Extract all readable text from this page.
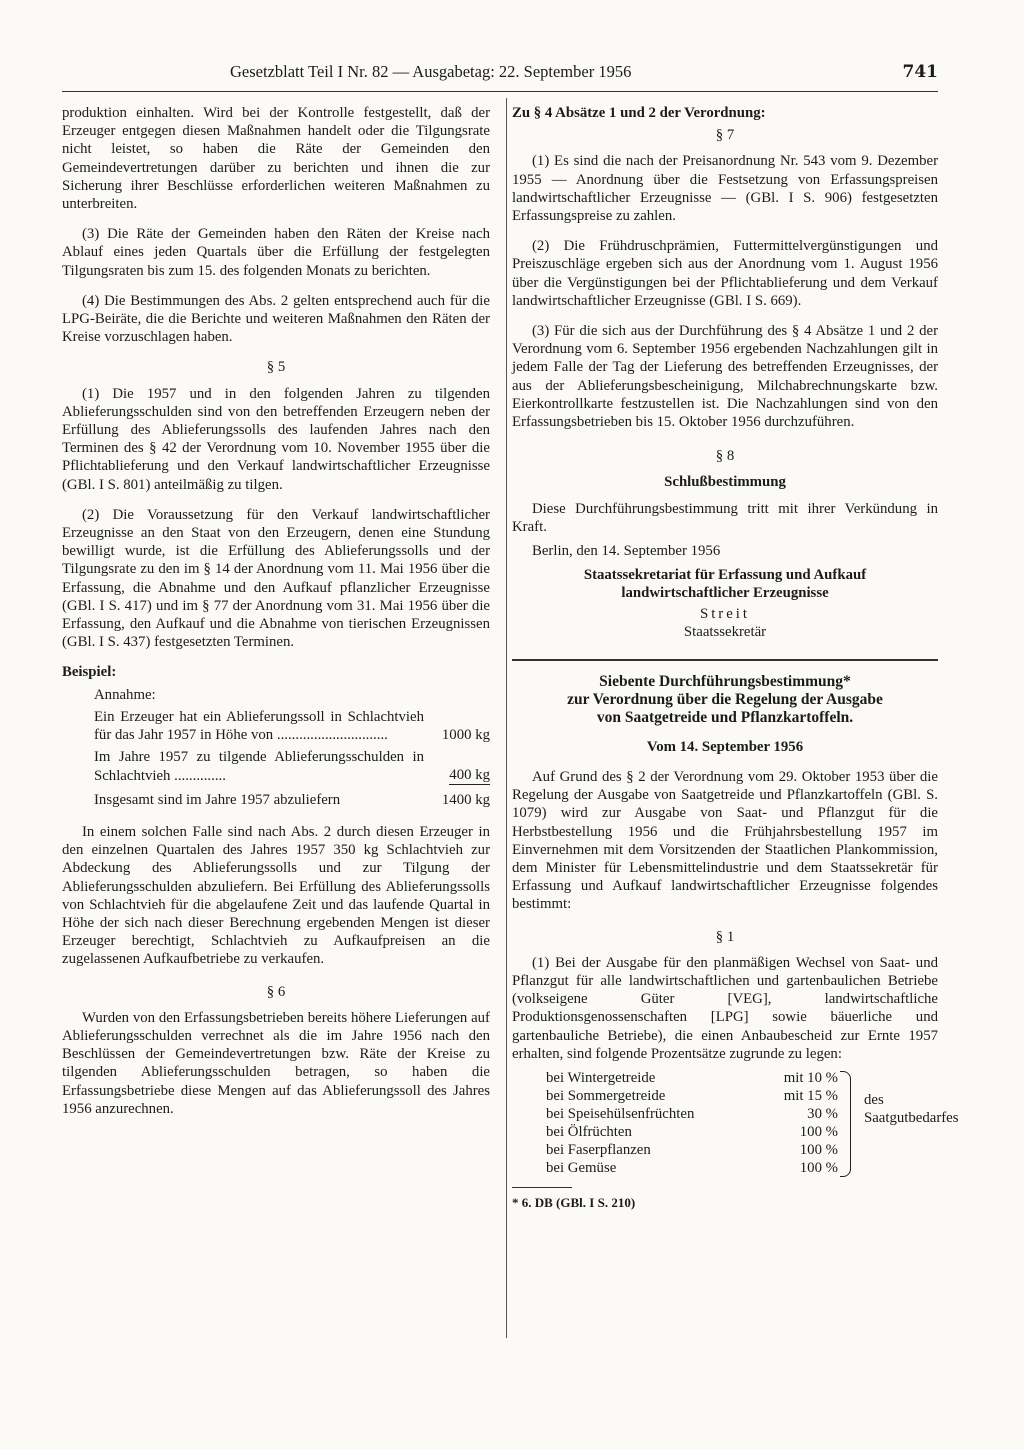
Gesetzblatt Teil I Nr. 82 — Ausgabetag: 22. September 1956	741

produktion einhalten. Wird bei der Kontrolle festgestellt, daß der Erzeuger entgegen diesen Maßnahmen handelt oder die Tilgungsrate nicht leistet, so haben die Räte der Gemeinden den Gemeindevertretungen darüber zu berichten und ihnen die zur Sicherung ihrer Beschlüsse erforderlichen weiteren Maßnahmen zu unterbreiten.

(3) Die Räte der Gemeinden haben den Räten der Kreise nach Ablauf eines jeden Quartals über die Erfüllung der festgelegten Tilgungsraten bis zum 15. des folgenden Monats zu berichten.

(4) Die Bestimmungen des Abs. 2 gelten entsprechend auch für die LPG-Beiräte, die die Berichte und weiteren Maßnahmen den Räten der Kreise vorzuschlagen haben.

§ 5

(1) Die 1957 und in den folgenden Jahren zu tilgenden Ablieferungsschulden sind von den betreffenden Erzeugern neben der Erfüllung des Ablieferungssolls des laufenden Jahres nach den Terminen des § 42 der Verordnung vom 10. November 1955 über die Pflichtablieferung und den Verkauf landwirtschaftlicher Erzeugnisse (GBl. I S. 801) anteilmäßig zu tilgen.

(2) Die Voraussetzung für den Verkauf landwirtschaftlicher Erzeugnisse an den Staat von den Erzeugern, denen eine Stundung bewilligt wurde, ist die Erfüllung des Ablieferungssolls und der Tilgungsrate zu den im § 14 der Anordnung vom 11. Mai 1956 über die Erfassung, die Abnahme und den Aufkauf pflanzlicher Erzeugnisse (GBl. I S. 417) und im § 77 der Anordnung vom 31. Mai 1956 über die Erfassung, den Aufkauf und die Abnahme von tierischen Erzeugnissen (GBl. I S. 437) festgesetzten Terminen.

Beispiel:

Annahme:

Ein Erzeuger hat ein Ablieferungssoll in Schlachtvieh für das Jahr 1957 in Höhe von ..............................	1000 kg
Im Jahre 1957 zu tilgende Ablieferungsschulden in Schlachtvieh ..............	400 kg
Insgesamt sind im Jahre 1957 abzuliefern	1400 kg

In einem solchen Falle sind nach Abs. 2 durch diesen Erzeuger in den einzelnen Quartalen des Jahres 1957 350 kg Schlachtvieh zur Abdeckung des Ablieferungssolls und zur Tilgung der Ablieferungsschulden abzuliefern. Bei Erfüllung des Ablieferungssolls von Schlachtvieh für die abgelaufene Zeit und das laufende Quartal in Höhe der sich nach dieser Berechnung ergebenden Mengen ist dieser Erzeuger berechtigt, Schlachtvieh zu Aufkaufpreisen an die zugelassenen Aufkaufbetriebe zu verkaufen.

§ 6

Wurden von den Erfassungsbetrieben bereits höhere Lieferungen auf Ablieferungsschulden verrechnet als die im Jahre 1956 nach den Beschlüssen der Gemeindevertretungen bzw. Räte der Kreise zu tilgenden Ablieferungsschulden betragen, so haben die Erfassungsbetriebe diese Mengen auf das Ablieferungssoll des Jahres 1956 anzurechnen.

Zu § 4 Absätze 1 und 2 der Verordnung:

§ 7

(1) Es sind die nach der Preisanordnung Nr. 543 vom 9. Dezember 1955 — Anordnung über die Festsetzung von Erfassungspreisen landwirtschaftlicher Erzeugnisse — (GBl. I S. 906) festgesetzten Erfassungspreise zu zahlen.

(2) Die Frühdruschprämien, Futtermittelvergünstigungen und Preiszuschläge ergeben sich aus der Anordnung vom 1. August 1956 über die Vergünstigungen bei der Pflichtablieferung und dem Verkauf landwirtschaftlicher Erzeugnisse (GBl. I S. 669).

(3) Für die sich aus der Durchführung des § 4 Absätze 1 und 2 der Verordnung vom 6. September 1956 ergebenden Nachzahlungen gilt in jedem Falle der Tag der Lieferung des betreffenden Erzeugnisses, der aus der Ablieferungsbescheinigung, Milchabrechnungskarte bzw. Eierkontrollkarte festzustellen ist. Die Nachzahlungen sind von den Erfassungsbetrieben bis 15. Oktober 1956 durchzuführen.

§ 8

Schlußbestimmung

Diese Durchführungsbestimmung tritt mit ihrer Verkündung in Kraft.

Berlin, den 14. September 1956

Staatssekretariat für Erfassung und Aufkauf

landwirtschaftlicher Erzeugnisse

Streit

Staatssekretär

Siebente Durchführungsbestimmung*

zur Verordnung über die Regelung der Ausgabe

von Saatgetreide und Pflanzkartoffeln.

Vom 14. September 1956

Auf Grund des § 2 der Verordnung vom 29. Oktober 1953 über die Regelung der Ausgabe von Saatgetreide und Pflanzkartoffeln (GBl. S. 1079) wird zur Ausgabe von Saat- und Pflanzgut für die Herbstbestellung 1956 und die Frühjahrsbestellung 1957 im Einvernehmen mit dem Vorsitzenden der Staatlichen Plankommission, dem Minister für Lebensmittelindustrie und dem Staatssekretär für Erfassung und Aufkauf landwirtschaftlicher Erzeugnisse folgendes bestimmt:

§ 1

(1) Bei der Ausgabe für den planmäßigen Wechsel von Saat- und Pflanzgut für alle landwirtschaftlichen und gartenbaulichen Betriebe (volkseigene Güter [VEG], landwirtschaftliche Produktionsgenossenschaften [LPG] sowie bäuerliche und gartenbauliche Betriebe), die einen Anbaubescheid zur Ernte 1957 erhalten, sind folgende Prozentsätze zugrunde zu legen:

bei Wintergetreide	mit 10 %
bei Sommergetreide	mit 15 %
bei Speisehülsenfrüchten	30 %
bei Ölfrüchten	100 %
bei Faserpflanzen	100 %
bei Gemüse	100 %
des Saatgutbedarfes

* 6. DB (GBl. I S. 210)
